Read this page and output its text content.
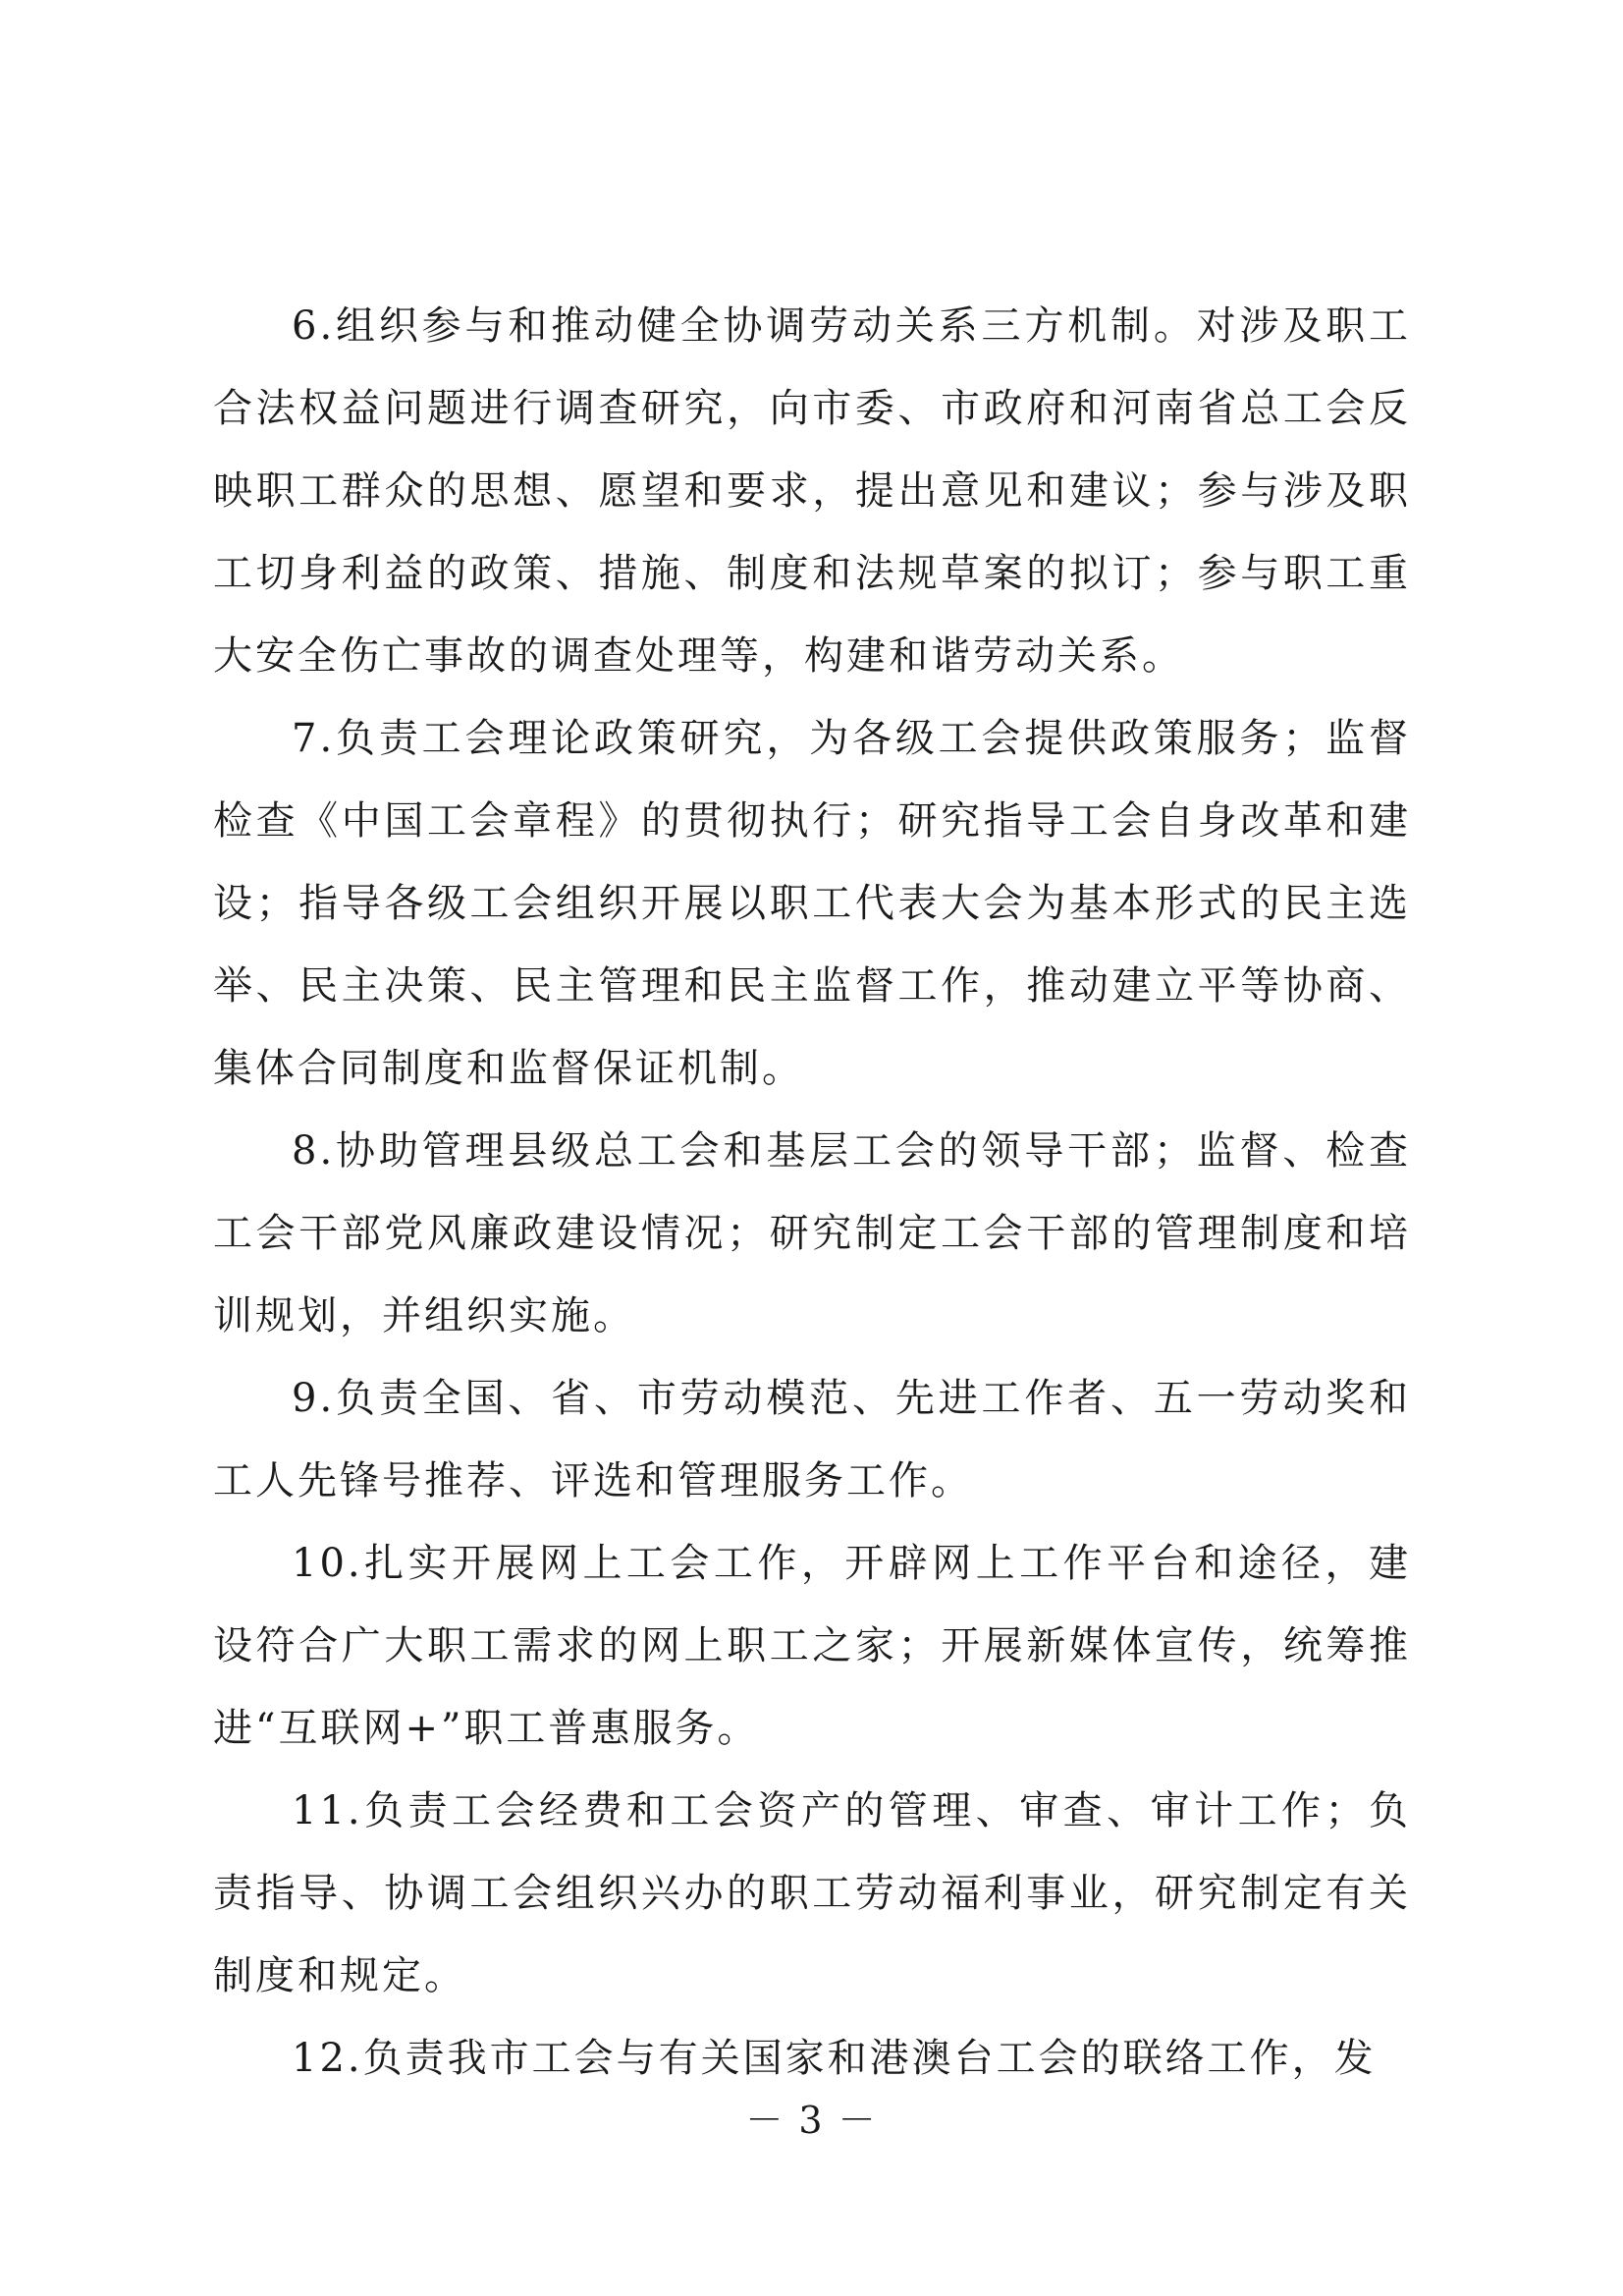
6.组织参与和推动健全协调劳动关系三方机制。对涉及职工合法权益问题进行调查研究，向市委、市政府和河南省总工会反映职工群众的思想、愿望和要求，提出意见和建议；参与涉及职工切身利益的政策、措施、制度和法规草案的拟订；参与职工重大安全伤亡事故的调查处理等，构建和谐劳动关系。

7.负责工会理论政策研究，为各级工会提供政策服务；监督检查《中国工会章程》的贯彻执行；研究指导工会自身改革和建设；指导各级工会组织开展以职工代表大会为基本形式的民主选举、民主决策、民主管理和民主监督工作，推动建立平等协商、集体合同制度和监督保证机制。

8.协助管理县级总工会和基层工会的领导干部；监督、检查工会干部党风廉政建设情况；研究制定工会干部的管理制度和培训规划，并组织实施。

9.负责全国、省、市劳动模范、先进工作者、五一劳动奖和工人先锋号推荐、评选和管理服务工作。

10.扎实开展网上工会工作，开辟网上工作平台和途径，建设符合广大职工需求的网上职工之家；开展新媒体宣传，统筹推进“互联网+”职工普惠服务。

11.负责工会经费和工会资产的管理、审查、审计工作；负责指导、协调工会组织兴办的职工劳动福利事业，研究制定有关制度和规定。

12.负责我市工会与有关国家和港澳台工会的联络工作，发

－ 3 －
